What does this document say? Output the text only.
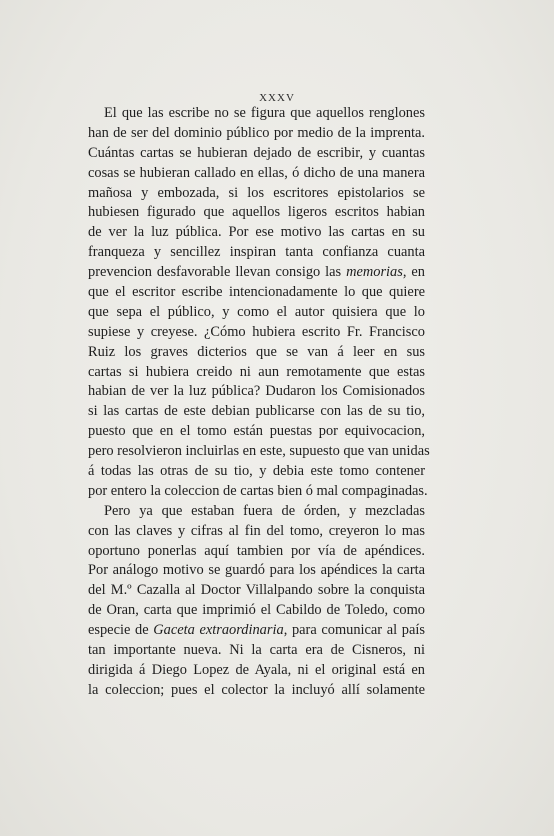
XXXV
El que las escribe no se figura que aquellos renglones
han de ser del dominio público por medio de la imprenta.
Cuántas cartas se hubieran dejado de escribir, y cuantas
cosas se hubieran callado en ellas, ó dicho de una manera
mañosa y embozada, si los escritores epistolarios se
hubiesen figurado que aquellos ligeros escritos habian
de ver la luz pública. Por ese motivo las cartas en su
franqueza y sencillez inspiran tanta confianza cuanta
prevencion desfavorable llevan consigo las memorias, en
que el escritor escribe intencionadamente lo que quiere
que sepa el público, y como el autor quisiera que lo
supiese y creyese. ¿Cómo hubiera escrito Fr. Francisco
Ruiz los graves dicterios que se van á leer en sus
cartas si hubiera creido ni aun remotamente que estas
habian de ver la luz pública? Dudaron los Comisionados
si las cartas de este debian publicarse con las de su tio,
puesto que en el tomo están puestas por equivocacion,
pero resolvieron incluirlas en este, supuesto que van unidas
á todas las otras de su tio, y debia este tomo contener
por entero la coleccion de cartas bien ó mal compaginadas.
Pero ya que estaban fuera de órden, y mezcladas
con las claves y cifras al fin del tomo, creyeron lo mas
oportuno ponerlas aquí tambien por vía de apéndices.
Por análogo motivo se guardó para los apéndices la carta
del M.º Cazalla al Doctor Villalpando sobre la conquista
de Oran, carta que imprimió el Cabildo de Toledo, como
especie de Gaceta extraordinaria, para comunicar al país
tan importante nueva. Ni la carta era de Cisneros, ni
dirigida á Diego Lopez de Ayala, ni el original está en
la coleccion; pues el colector la incluyó allí solamente
